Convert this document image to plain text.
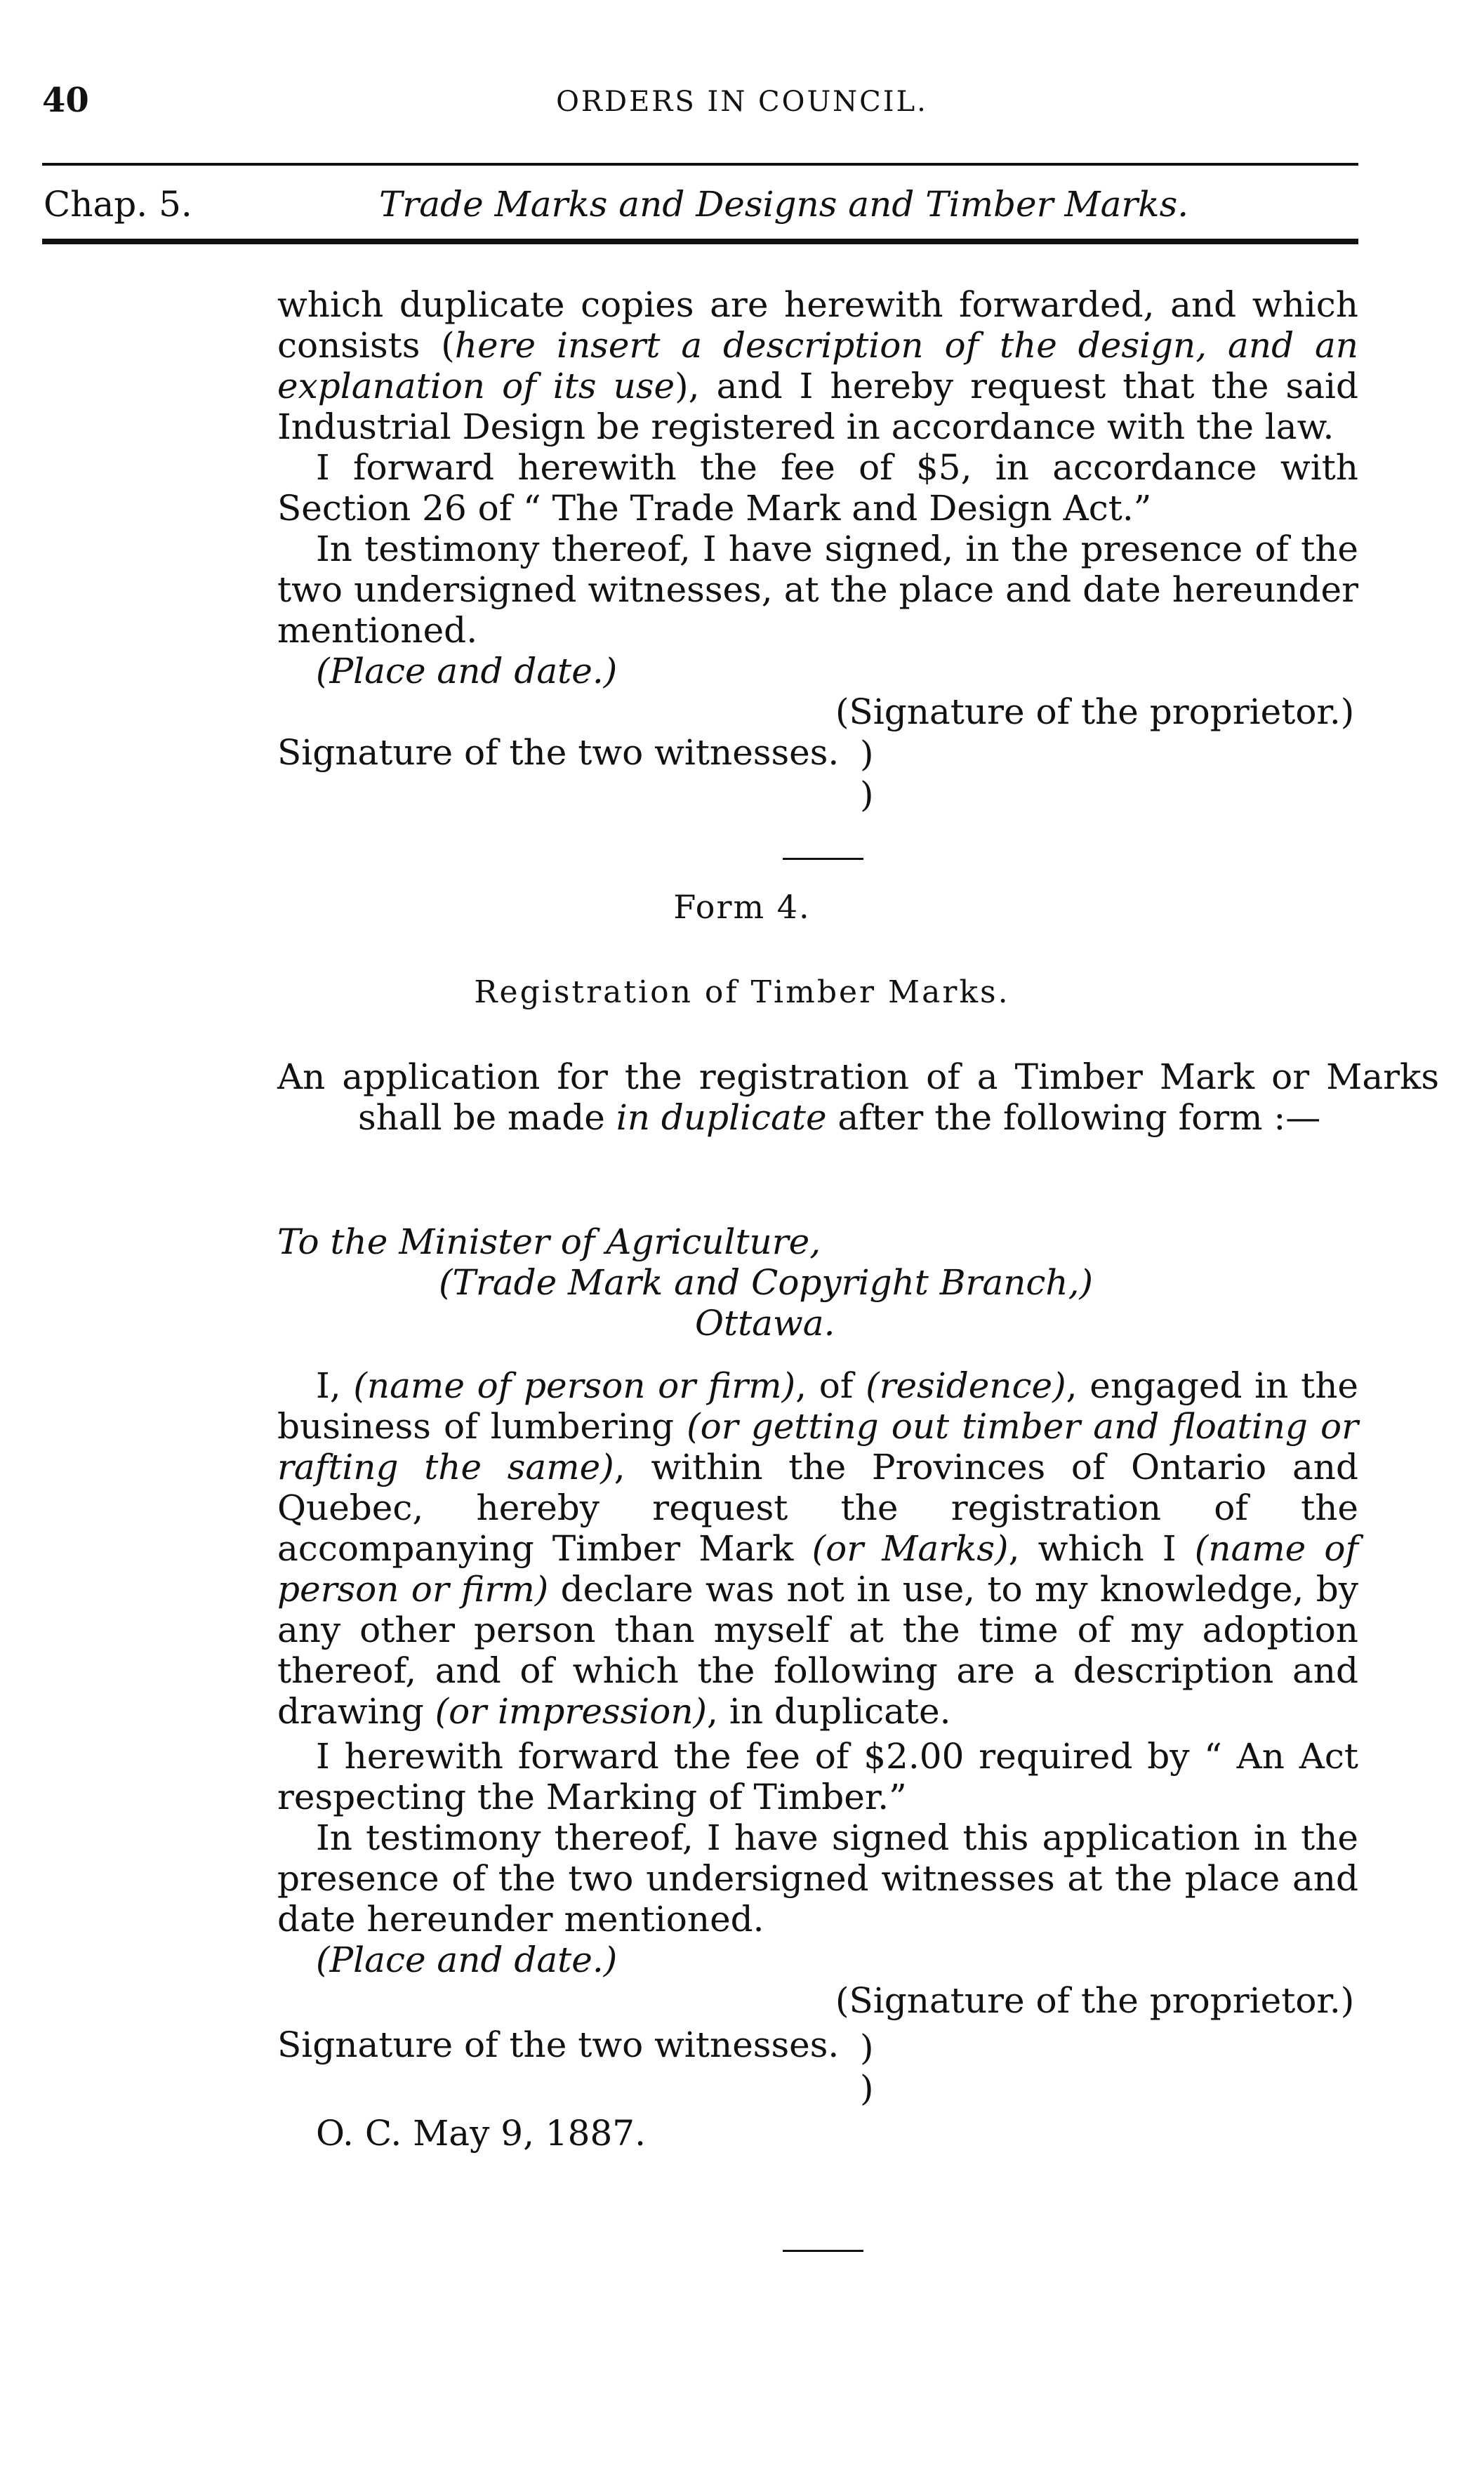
40	ORDERS IN COUNCIL.
Chap. 5.	Trade Marks and Designs and Timber Marks.
which duplicate copies are herewith forwarded, and which consists (here insert a description of the design, and an explanation of its use), and I hereby request that the said Industrial Design be registered in accordance with the law.
I forward herewith the fee of $5, in accordance with Section 26 of “ The Trade Mark and Design Act.”
In testimony thereof, I have signed, in the presence of the two undersigned witnesses, at the place and date hereunder mentioned.
(Place and date.)
(Signature of the proprietor.)
Signature of the two witnesses. )
)
Form 4.
Registration of Timber Marks.
An application for the registration of a Timber Mark or Marks shall be made in duplicate after the following form :—
To the Minister of Agriculture,
(Trade Mark and Copyright Branch,)
Ottawa.
I, (name of person or firm), of (residence), engaged in the business of lumbering (or getting out timber and floating or rafting the same), within the Provinces of Ontario and Quebec, hereby request the registration of the accompanying Timber Mark (or Marks), which I (name of person or firm) declare was not in use, to my knowledge, by any other person than myself at the time of my adoption thereof, and of which the following are a description and drawing (or impression), in duplicate.
I herewith forward the fee of $2.00 required by “ An Act respecting the Marking of Timber.”
In testimony thereof, I have signed this application in the presence of the two undersigned witnesses at the place and date hereunder mentioned.
(Place and date.)
(Signature of the proprietor.)
Signature of the two witnesses. )
)
O. C. May 9, 1887.
